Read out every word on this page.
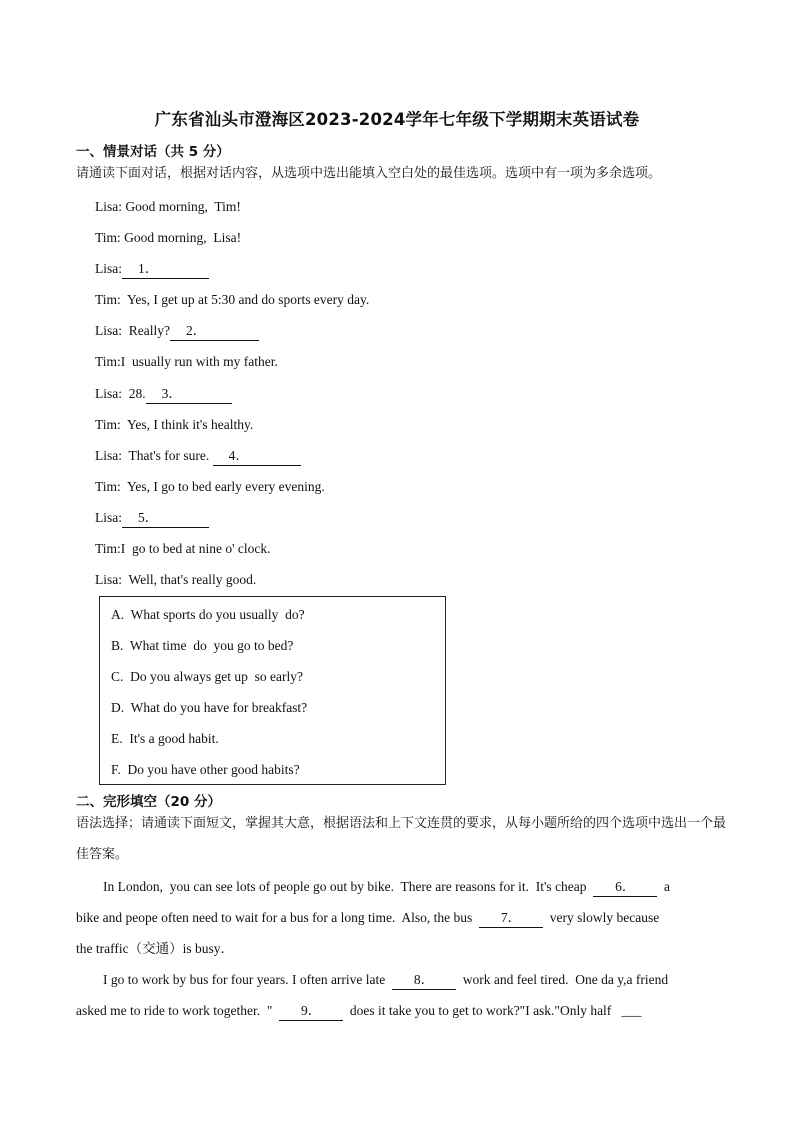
广东省汕头市澄海区2023-2024学年七年级下学期期末英语试卷
一、情景对话（共 5 分）
请通读下面对话，根据对话内容，从选项中选出能填入空白处的最佳选项。选项中有一项为多余选项。
Lisa: Good morning,  Tim!
Tim: Good morning,  Lisa!
Lisa: 1．
Tim:  Yes, I get up at 5:30 and do sports every day.
Lisa:  Really? 2．
Tim:I  usually run with my father.
Lisa:  28. 3．
Tim:  Yes, I think it's healthy.
Lisa:  That's for sure. 4．
Tim:  Yes, I go to bed early every evening.
Lisa: 5．
Tim:I  go to bed at nine o' clock.
Lisa:  Well, that's really good.
A.  What sports do you usually  do?
B.  What time  do  you go to bed?
C.  Do you always get up  so early?
D.  What do you have for breakfast?
E.  It's a good habit.
F.  Do you have other good habits?
二、完形填空（20 分）
语法选择；请通读下面短文，掌握其大意，根据语法和上下文连贯的要求，从每小题所给的四个选项中选出一个最佳答案。
In London,  you can see lots of people go out by bike.  There are reasons for it.  It's cheap  6．  a
bike and peope often need to wait for a bus for a long time.  Also, the bus  7．  very slowly because
the traffic（交通）is busy．
I go to work by bus for four years. I often arrive late  8．  work and feel tired.  One da y,a friend
asked me to ride to work together.  "  9．  does it take you to get to work?"I ask."Only half   ___
